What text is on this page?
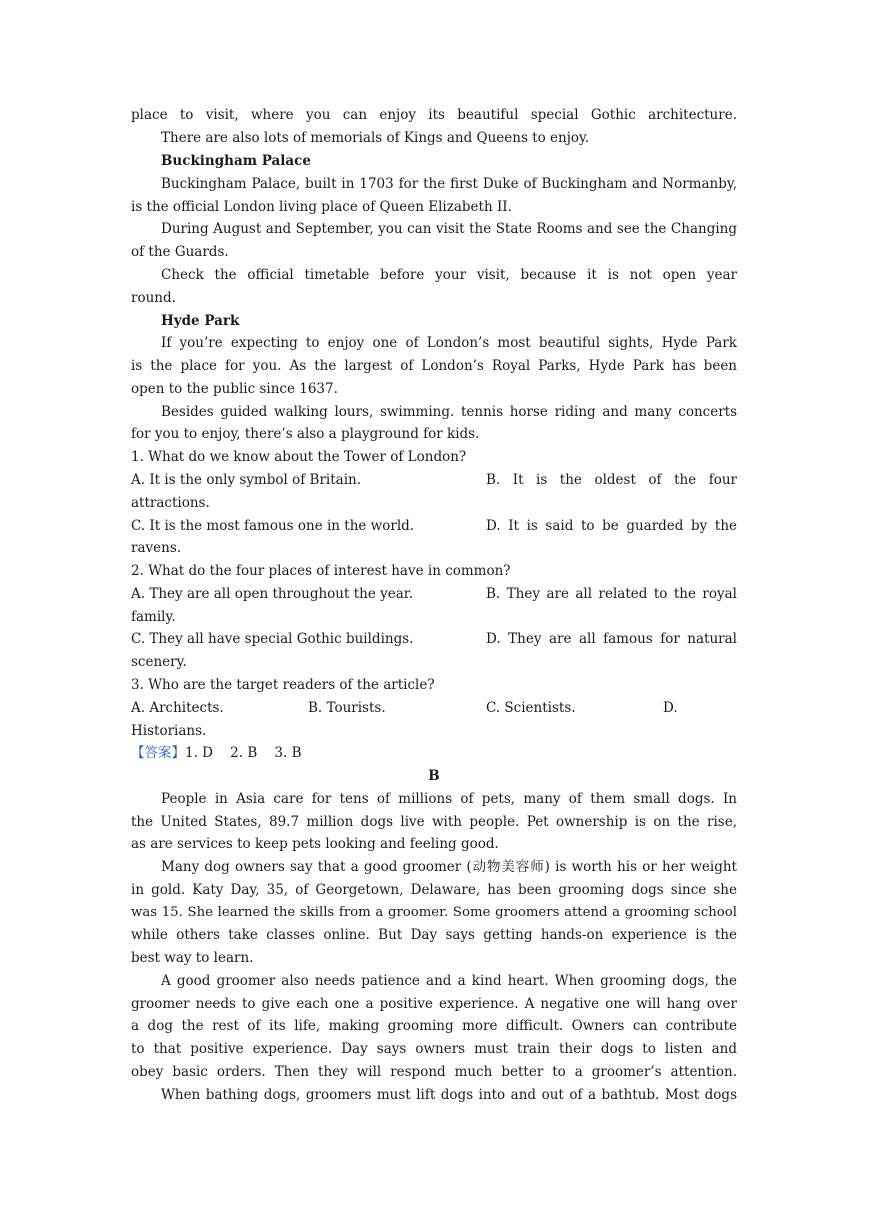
place to visit, where you can enjoy its beautiful special Gothic architecture.
There are also lots of memorials of Kings and Queens to enjoy.
Buckingham Palace
Buckingham Palace, built in 1703 for the first Duke of Buckingham and Normanby,
is the official London living place of Queen Elizabeth II.
During August and September, you can visit the State Rooms and see the Changing
of the Guards.
Check the official timetable before your visit, because it is not open year
round.
Hyde Park
If you’re expecting to enjoy one of London’s most beautiful sights, Hyde Park
is the place for you. As the largest of London’s Royal Parks, Hyde Park has been
open to the public since 1637.
Besides guided walking lours, swimming. tennis horse riding and many concerts
for you to enjoy, there’s also a playground for kids.
1. What do we know about the Tower of London?
A. It is the only symbol of Britain.	B. It is the oldest of the four
attractions.
C. It is the most famous one in the world.	D. It is said to be guarded by the
ravens.
2. What do the four places of interest have in common?
A. They are all open throughout the year.	B. They are all related to the royal
family.
C. They all have special Gothic buildings.	D. They are all famous for natural
scenery.
3. Who are the target readers of the article?
A. Architects.	B. Tourists.	C. Scientists.	D.
Historians.
【答案】1. D    2. B    3. B
B
People in Asia care for tens of millions of pets, many of them small dogs. In
the United States, 89.7 million dogs live with people. Pet ownership is on the rise,
as are services to keep pets looking and feeling good.
Many dog owners say that a good groomer (动物美容师) is worth his or her weight
in gold. Katy Day, 35, of Georgetown, Delaware, has been grooming dogs since she
was 15. She learned the skills from a groomer. Some groomers attend a grooming school
while others take classes online. But Day says getting hands-on experience is the
best way to learn.
A good groomer also needs patience and a kind heart. When grooming dogs, the
groomer needs to give each one a positive experience. A negative one will hang over
a dog the rest of its life, making grooming more difficult. Owners can contribute
to that positive experience. Day says owners must train their dogs to listen and
obey basic orders. Then they will respond much better to a groomer’s attention.
When bathing dogs, groomers must lift dogs into and out of a bathtub. Most dogs
